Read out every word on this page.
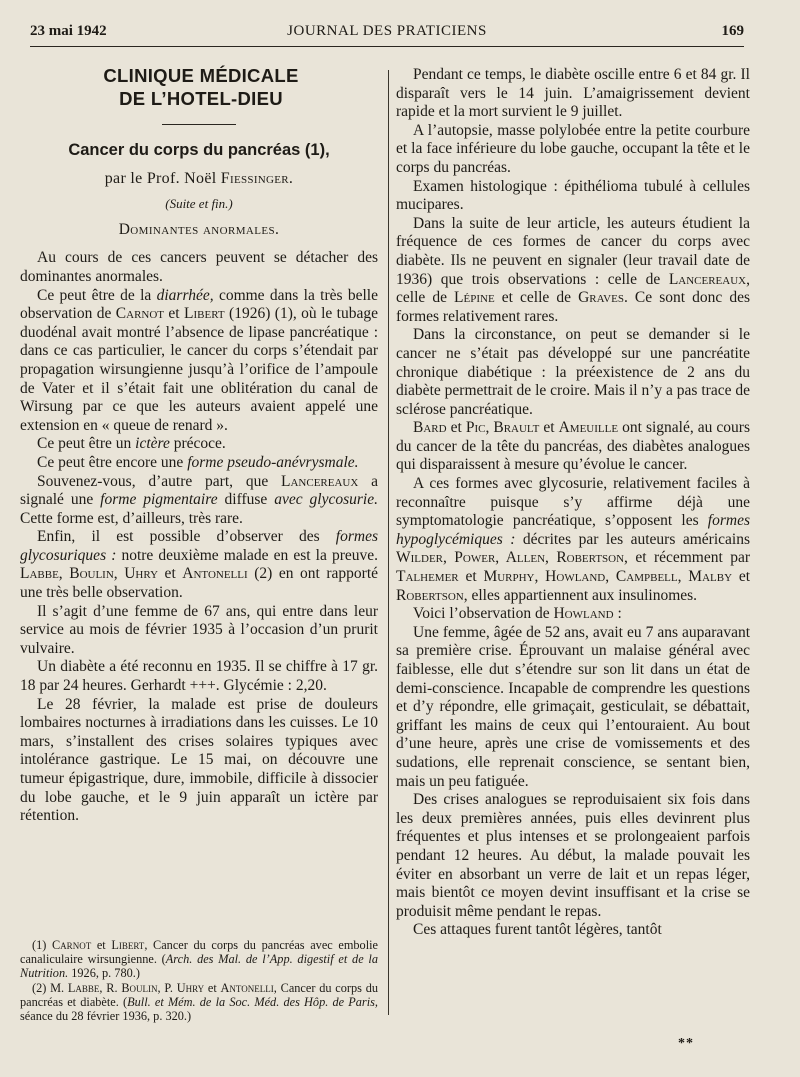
23 mai 1942	JOURNAL DES PRATICIENS	169

CLINIQUE MÉDICALE
DE L’HOTEL-DIEU

Cancer du corps du pancréas (1),

par le Prof. Noël Fiessinger.

(Suite et fin.)

Dominantes anormales.

Au cours de ces cancers peuvent se détacher des dominantes anormales.

Ce peut être de la diarrhée, comme dans la très belle observation de Carnot et Libert (1926) (1), où le tubage duodénal avait montré l’absence de lipase pancréatique : dans ce cas particulier, le cancer du corps s’étendait par propagation wirsungienne jusqu’à l’orifice de l’ampoule de Vater et il s’était fait une oblitération du canal de Wirsung par ce que les auteurs avaient appelé une extension en « queue de renard ».

Ce peut être un ictère précoce.

Ce peut être encore une forme pseudo-anévrysmale.

Souvenez-vous, d’autre part, que Lancereaux a signalé une forme pigmentaire diffuse avec glycosurie. Cette forme est, d’ailleurs, très rare.

Enfin, il est possible d’observer des formes glycosuriques : notre deuxième malade en est la preuve. Labbe, Boulin, Uhry et Antonelli (2) en ont rapporté une très belle observation.

Il s’agit d’une femme de 67 ans, qui entre dans leur service au mois de février 1935 à l’occasion d’un prurit vulvaire.

Un diabète a été reconnu en 1935. Il se chiffre à 17 gr. 18 par 24 heures. Gerhardt +++. Glycémie : 2,20.

Le 28 février, la malade est prise de douleurs lombaires nocturnes à irradiations dans les cuisses. Le 10 mars, s’installent des crises solaires typiques avec intolérance gastrique. Le 15 mai, on découvre une tumeur épigastrique, dure, immobile, difficile à dissocier du lobe gauche, et le 9 juin apparaît un ictère par rétention.

(1) Carnot et Libert, Cancer du corps du pancréas avec embolie canaliculaire wirsungienne. (Arch. des Mal. de l’App. digestif et de la Nutrition. 1926, p. 780.)

(2) M. Labbe, R. Boulin, P. Uhry et Antonelli, Cancer du corps du pancréas et diabète. (Bull. et Mém. de la Soc. Méd. des Hôp. de Paris, séance du 28 février 1936, p. 320.)

Pendant ce temps, le diabète oscille entre 6 et 84 gr. Il disparaît vers le 14 juin. L’amaigrissement devient rapide et la mort survient le 9 juillet.

A l’autopsie, masse polylobée entre la petite courbure et la face inférieure du lobe gauche, occupant la tête et le corps du pancréas.

Examen histologique : épithélioma tubulé à cellules mucipares.

Dans la suite de leur article, les auteurs étudient la fréquence de ces formes de cancer du corps avec diabète. Ils ne peuvent en signaler (leur travail date de 1936) que trois observations : celle de Lancereaux, celle de Lépine et celle de Graves. Ce sont donc des formes relativement rares.

Dans la circonstance, on peut se demander si le cancer ne s’était pas développé sur une pancréatite chronique diabétique : la préexistence de 2 ans du diabète permettrait de le croire. Mais il n’y a pas trace de sclérose pancréatique.

Bard et Pic, Brault et Ameuille ont signalé, au cours du cancer de la tête du pancréas, des diabètes analogues qui disparaissent à mesure qu’évolue le cancer.

A ces formes avec glycosurie, relativement faciles à reconnaître puisque s’y affirme déjà une symptomatologie pancréatique, s’opposent les formes hypoglycémiques : décrites par les auteurs américains Wilder, Power, Allen, Robertson, et récemment par Talhemer et Murphy, Howland, Campbell, Malby et Robertson, elles appartiennent aux insulinomes.

Voici l’observation de Howland :

Une femme, âgée de 52 ans, avait eu 7 ans auparavant sa première crise. Éprouvant un malaise général avec faiblesse, elle dut s’étendre sur son lit dans un état de demi-conscience. Incapable de comprendre les questions et d’y répondre, elle grimaçait, gesticulait, se débattait, griffant les mains de ceux qui l’entouraient. Au bout d’une heure, après une crise de vomissements et des sudations, elle reprenait conscience, se sentant bien, mais un peu fatiguée.

Des crises analogues se reproduisaient six fois dans les deux premières années, puis elles devinrent plus fréquentes et plus intenses et se prolongeaient parfois pendant 12 heures. Au début, la malade pouvait les éviter en absorbant un verre de lait et un repas léger, mais bientôt ce moyen devint insuffisant et la crise se produisit même pendant le repas.

Ces attaques furent tantôt légères, tantôt

**
